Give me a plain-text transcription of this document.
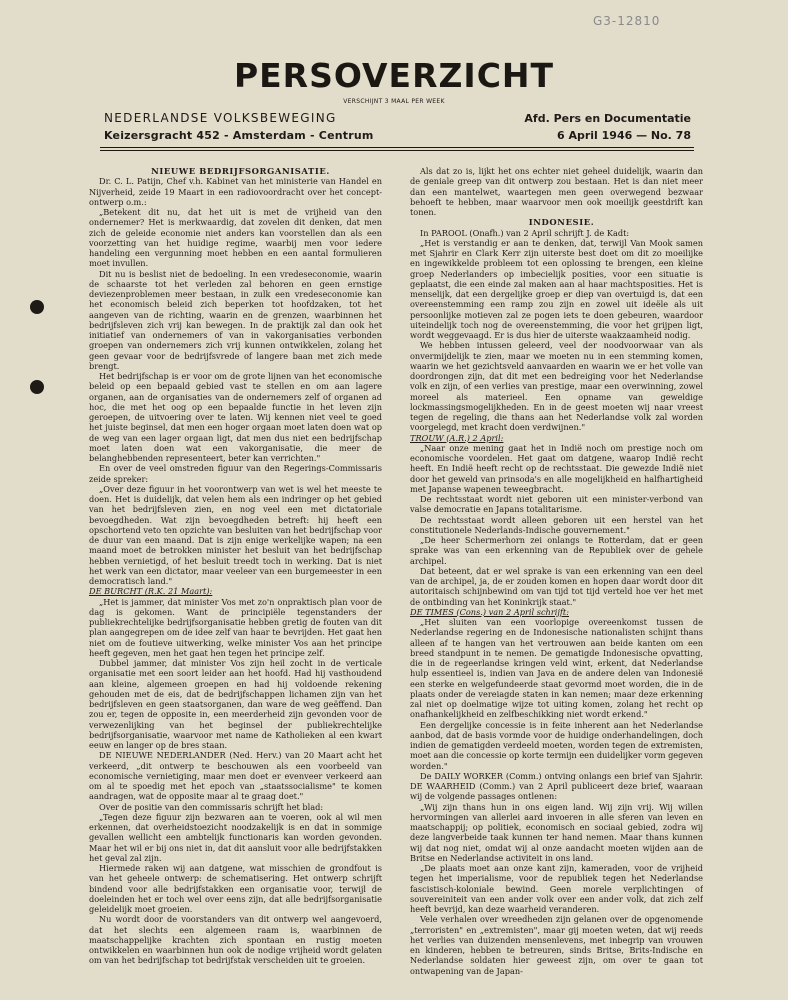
G3-12810
PERSOVERZICHT
VERSCHIJNT 3 MAAL PER WEEK
NEDERLANDSE VOLKSBEWEGING
Keizersgracht 452 - Amsterdam - Centrum
Afd. Pers en Documentatie
6 April 1946 — No. 78

NIEUWE BEDRIJFSORGANISATIE.

Dr. C. L. Patijn, Chef v.h. Kabinet van het ministerie van Handel en Nijverheid, zeide 19 Maart in een radiovoordracht over het concept-ontwerp o.m.:

„Betekent dit nu, dat het uit is met de vrijheid van den ondernemer? Het is merkwaardig, dat zovelen dit denken, dat men zich de geleide economie niet anders kan voorstellen dan als een voorzetting van het huidige regime, waarbij men voor iedere handeling een vergunning moet hebben en een aantal formulieren moet invullen.

Dit nu is beslist niet de bedoeling. In een vredeseconomie, waarin de schaarste tot het verleden zal behoren en geen ernstige deviezenproblemen meer bestaan, in zulk een vredeseconomie kan het economisch beleid zich beperken tot hoofdzaken, tot het aangeven van de richting, waarin en de grenzen, waarbinnen het bedrijfsleven zich vrij kan bewegen. In de praktijk zal dan ook het initiatief van ondernemers of van in vakorganisaties verbonden groepen van ondernemers zich vrij kunnen ontwikkelen, zolang het geen gevaar voor de bedrijfsvrede of langere baan met zich mede brengt.

Het bedrijfschap is er voor om de grote lijnen van het economische beleid op een bepaald gebied vast te stellen en om aan lagere organen, aan de organisaties van de ondernemers zelf of organen ad hoc, die met het oog op een bepaalde functie in het leven zijn geroepen, de uitvoering over te laten. Wij kennen niet veel te goed het juiste beginsel, dat men een hoger orgaan moet laten doen wat op de weg van een lager orgaan ligt, dat men dus niet een bedrijfschap moet laten doen wat een vakorganisatie, die meer de belanghebbenden representeert, beter kan verrichten."

En over de veel omstreden figuur van den Regerings-Commissaris zeide spreker:

„Over deze figuur in het voorontwerp van wet is wel het meeste te doen. Het is duidelijk, dat velen hem als een indringer op het gebied van het bedrijfsleven zien, en nog veel een met dictatoriale bevoegdheden. Wat zijn bevoegdheden betreft: hij heeft een opschortend veto ten opzichte van besluiten van het bedrijfschap voor de duur van een maand. Dat is zijn enige werkelijke wapen; na een maand moet de betrokken minister het besluit van het bedrijfschap hebben vernietigd, of het besluit treedt toch in werking. Dat is niet het werk van een dictator, maar veeleer van een burgemeester in een democratisch land."

DE BURCHT (R.K. 21 Maart):

„Het is jammer, dat minister Vos met zo'n onpraktisch plan voor de dag is gekomen. Want de principiële tegenstanders der publiekrechtelijke bedrijfsorganisatie hebben gretig de fouten van dit plan aangegrepen om de idee zelf van haar te bevrijden. Het gaat hen niet om de foutieve uitwerking, welke minister Vos aan het principe heeft gegeven, men het gaat hen tegen het principe zelf.

Dubbel jammer, dat minister Vos zijn heil zocht in de verticale organisatie met een soort leider aan het hoofd. Had hij vasthoudend aan kleine, algemeen groepen en had hij voldoende rekening gehouden met de eis, dat de bedrijfschappen lichamen zijn van het bedrijfsleven en geen staatsorganen, dan ware de weg geëffend. Dan zou er, tegen de opposite in, een meerderheid zijn gevonden voor de verwezenlijking van het beginsel der publiekrechtelijke bedrijfsorganisatie, waarvoor met name de Katholieken al een kwart eeuw en langer op de bres staan.

DE NIEUWE NEDERLANDER (Ned. Herv.) van 20 Maart acht het verkeerd, „dit ontwerp te beschouwen als een voorbeeld van economische vernietiging, maar men doet er evenveer verkeerd aan om al te spoedig met het epoch van „staatssocialisme" te komen aandragen, wat de opposite maar al te graag doet."

Over de positie van den commissaris schrijft het blad:

„Tegen deze figuur zijn bezwaren aan te voeren, ook al wil men erkennen, dat overheidstoezicht noodzakelijk is en dat in sommige gevallen wellicht een ambtelijk functionaris kan worden gevonden. Maar het wil er bij ons niet in, dat dit aansluit voor alle bedrijfstakken het geval zal zijn.

Hiermede raken wij aan datgene, wat misschien de grondfout is van het geheele ontwerp: de schematisering. Het ontwerp schrijft bindend voor alle bedrijfstakken een organisatie voor, terwijl de doeleinden het er toch wel over eens zijn, dat alle bedrijfsorganisatie geleidelijk moet groeien.

Nu wordt door de voorstanders van dit ontwerp wel aangevoerd, dat het slechts een algemeen raam is, waarbinnen de maatschappelijke krachten zich spontaan en rustig moeten ontwikkelen en waarbinnen hun ook de nodige vrijheid wordt gelaten om van het bedrijfschap tot bedrijfstak verscheiden uit te groeien.

Als dat zo is, lijkt het ons echter niet geheel duidelijk, waarin dan de geniale greep van dit ontwerp zou bestaan. Het is dan niet meer dan een mantelwet, waartegen men geen overwegend bezwaar behoeft te hebben, maar waarvoor men ook moeilijk geestdrift kan tonen.

INDONESIE.

In PAROOL (Onafh.) van 2 April schrijft J. de Kadt:

„Het is verstandig er aan te denken, dat, terwijl Van Mook samen met Sjahrir en Clark Kerr zijn uiterste best doet om dit zo moeilijke en ingewikkelde probleem tot een oplossing te brengen, een kleine groep Nederlanders op imbecielijk posities, voor een situatie is geplaatst, die een einde zal maken aan al haar machtsposities. Het is menselijk, dat een dergelijke groep er diep van overtuigd is, dat een overeenstemming een ramp zou zijn en zowel uit ideële als uit persoonlijke motieven zal ze pogen iets te doen gebeuren, waardoor uiteindelijk toch nog de overeenstemming, die voor het grijpen ligt, wordt weggevaagd. Er is dus hier de uiterste waakzaamheid nodig.

We hebben intussen geleerd, veel der noodvoorwaar van als onvermijdelijk te zien, maar we moeten nu in een stemming komen, waarin we het gezichtsveld aanvaarden en waarin we er het volle van doordrongen zijn, dat dit met een bedreiging voor het Nederlandse volk en zijn, of een verlies van prestige, maar een overwinning, zowel moreel als materieel. Een opname van geweldige lockmassingsmogelijkheden. En in de geest moeten wij naar vreest tegen de regeling, die thans aan het Nederlandse volk zal worden voorgelegd, met kracht doen verdwijnen."

TROUW (A.R.) 2 April:

„Naar onze mening gaat het in Indië noch om prestige noch om economische voordelen. Het gaat om datgene, waarop Indië recht heeft. En Indië heeft recht op de rechtsstaat. Die gewezde Indië niet door het geweld van prinsoda's en alle mogelijkheid en halfhartigheid met Japanse wapenen teweegbracht.

De rechtsstaat wordt niet geboren uit een minister-verbond van valse democratie en Japans totalitarisme.

De rechtsstaat wordt alleen geboren uit een herstel van het constitutionele Nederlands-Indische gouvernement."

„De heer Schermerhorn zei onlangs te Rotterdam, dat er geen sprake was van een erkenning van de Republiek over de gehele archipel.

Dat beteent, dat er wel sprake is van een erkenning van een deel van de archipel, ja, de er zouden komen en hopen daar wordt door dit autoritaisch schijnbewind om van tijd tot tijd verteld hoe ver het met de ontbinding van het Koninkrijk staat."

DE TIMES (Cons.) van 2 April schrijft:

„Het sluiten van een voorlopige overeenkomst tussen de Nederlandse regering en de Indonesische nationalisten schijnt thans alleen af te hangen van het vertrouwen aan beide kanten om een breed standpunt in te nemen. De gematigde Indonesische opvatting, die in de regeerlandse kringen veld wint, erkent, dat Nederlandse hulp essentieel is, indien van Java en de andere delen van Indonesië een sterke en welgefundeerde staat gevormd moet worden, die in de plaats onder de vereiagde staten in kan nemen; maar deze erkenning zal niet op doelmatige wijze tot uiting komen, zolang het recht op onafhankelijkheid en zelfbeschikking niet wordt erkend."

Een dergelijke concessie is in feite inherent aan het Nederlandse aanbod, dat de basis vormde voor de huidige onderhandelingen, doch indien de gematigden verdeeld moeten, worden tegen de extremisten, moet aan die concessie op korte termijn een duidelijker vorm gegeven worden."

De DAILY WORKER (Comm.) ontving onlangs een brief van Sjahrir. DE WAARHEID (Comm.) van 2 April publiceert deze brief, waaraan wij de volgende passages ontlenen:

„Wij zijn thans hun in ons eigen land. Wij zijn vrij. Wij willen hervormingen van allerlei aard invoeren in alle sferen van leven en maatschappij; op politiek, economisch en sociaal gebied, zodra wij deze langverbeide taak kunnen ter hand nemen. Maar thans kunnen wij dat nog niet, omdat wij al onze aandacht moeten wijden aan de Britse en Nederlandse activiteit in ons land.

„De plaats moet aan onze kant zijn, kameraden, voor de vrijheid tegen het imperialisme, voor de republiek tegen het Nederlandse fascistisch-koloniale bewind. Geen morele verplichtingen of souvereiniteit van een ander volk over een ander volk, dat zich zelf heeft bevrijd, kan deze waarheid veranderen.

Vele verhalen over wreedheden zijn gelanen over de opgenomende „terroristen" en „extremisten", maar gij moeten weten, dat wij reeds het verlies van duizenden mensenlevens, met inbegrip van vrouwen en kinderen, hebben te betreuren, sinds Britse, Brits-Indische en Nederlandse soldaten hier geweest zijn, om over te gaan tot ontwapening van de Japan-
